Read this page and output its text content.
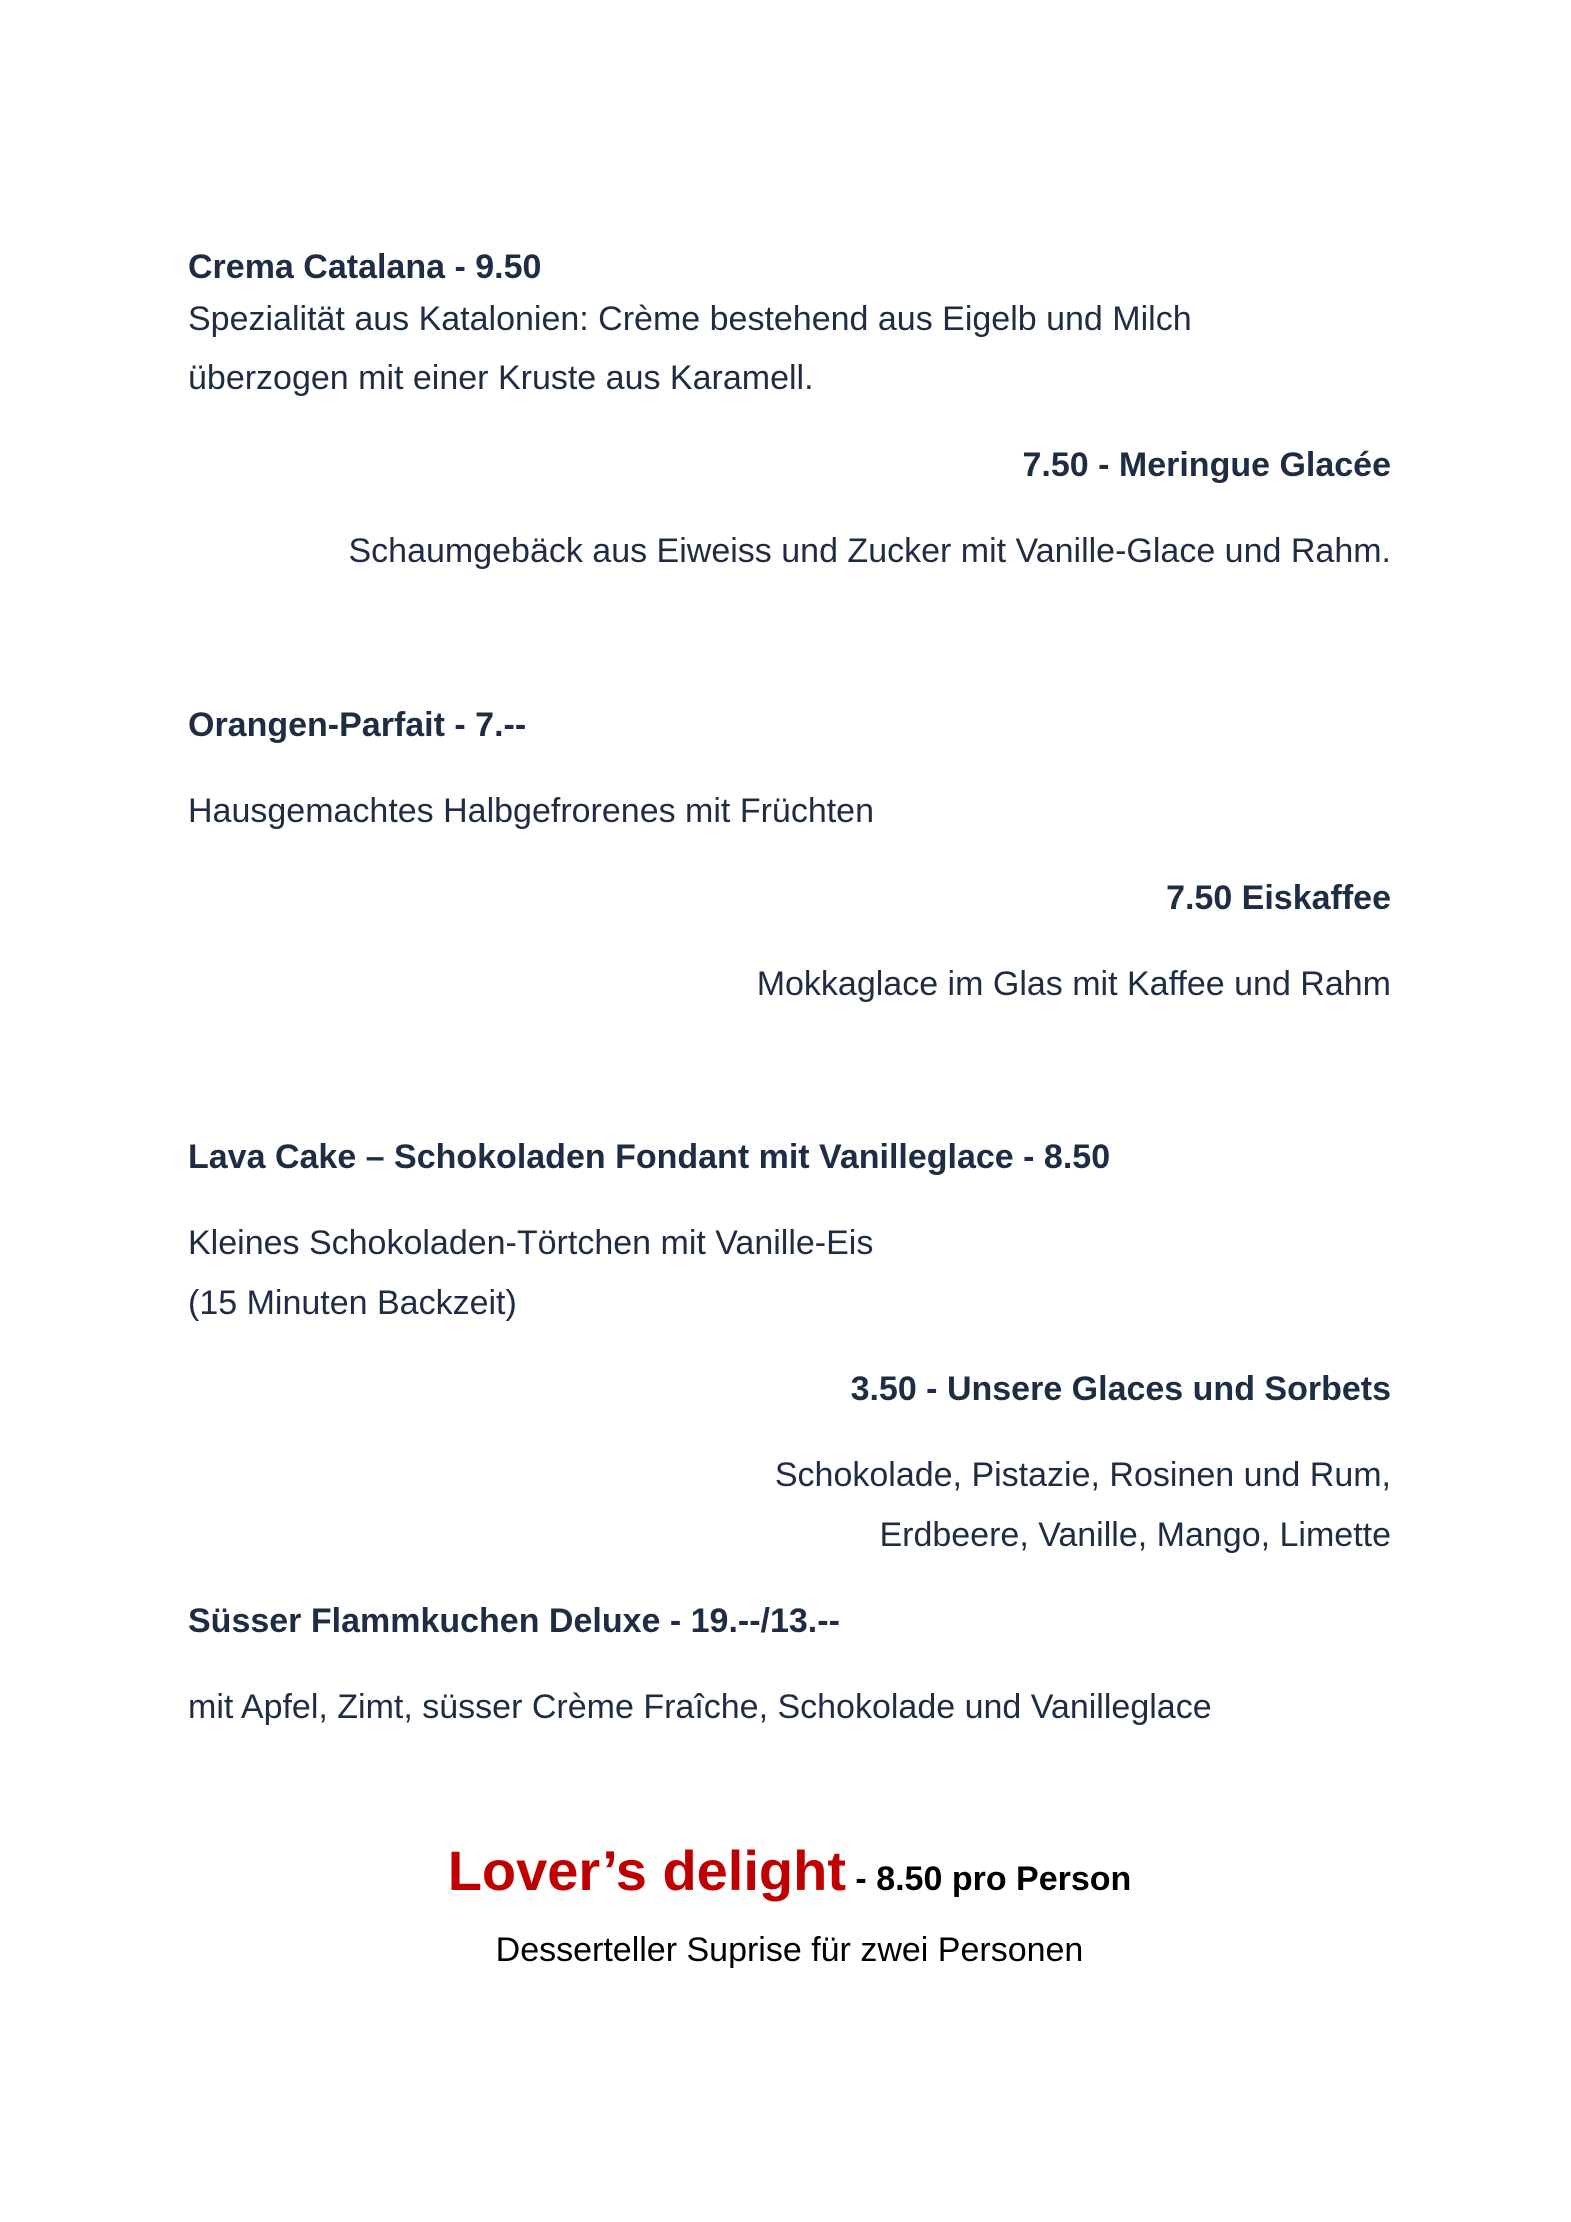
Crema Catalana - 9.50
Spezialität aus Katalonien: Crème bestehend aus Eigelb und Milch
überzogen mit einer Kruste aus Karamell.
7.50 - Meringue Glacée
Schaumgebäck aus Eiweiss und Zucker mit Vanille-Glace und Rahm.
Orangen-Parfait - 7.--
Hausgemachtes Halbgefrorenes mit Früchten
7.50 Eiskaffee
Mokkaglace im Glas mit Kaffee und Rahm
Lava Cake – Schokoladen Fondant mit Vanilleglace - 8.50
Kleines Schokoladen-Törtchen mit Vanille-Eis
(15 Minuten Backzeit)
3.50 - Unsere Glaces und Sorbets
Schokolade, Pistazie, Rosinen und Rum,
Erdbeere, Vanille, Mango, Limette
Süsser Flammkuchen Deluxe - 19.--/13.--
mit Apfel, Zimt, süsser Crème Fraîche, Schokolade und Vanilleglace
Lover’s delight - 8.50 pro Person
Desserteller Suprise für zwei Personen
